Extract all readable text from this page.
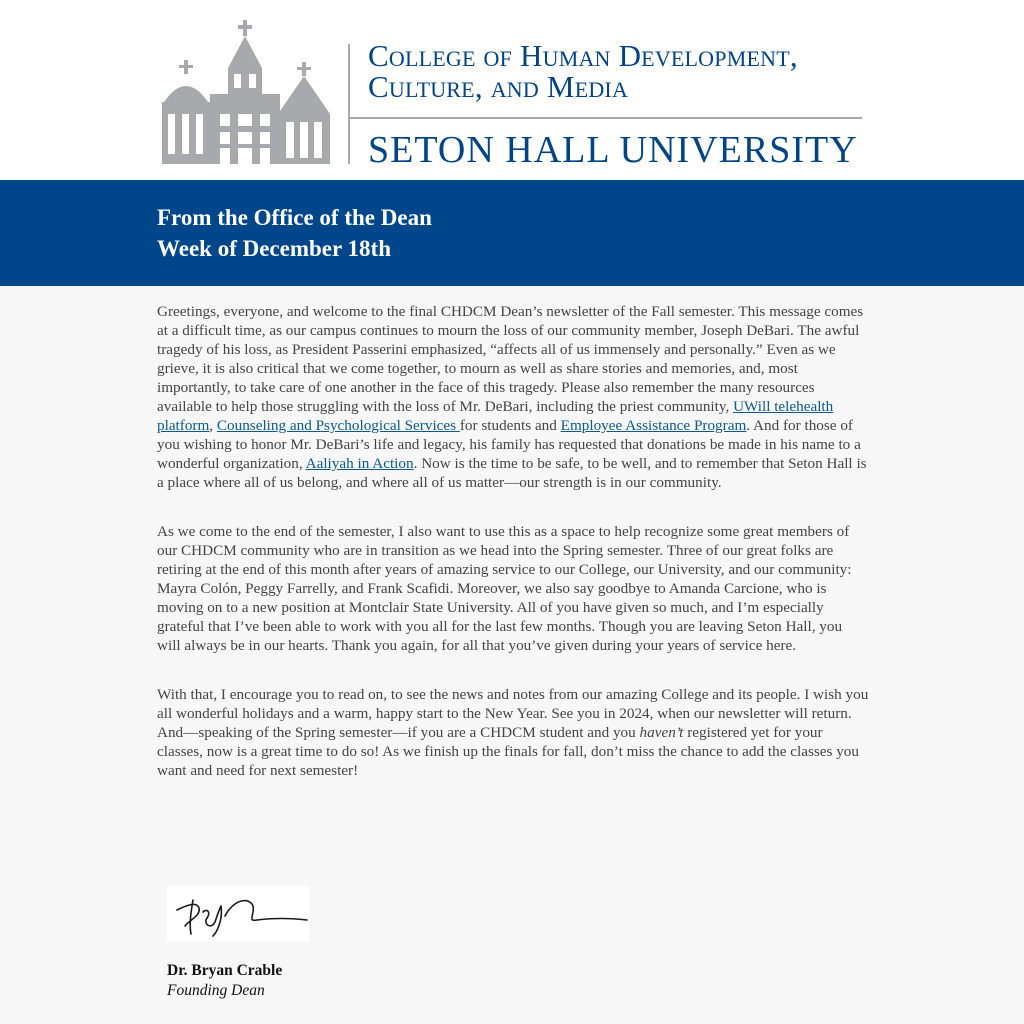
College of Human Development,
Culture, and Media
SETON HALL UNIVERSITY
From the Office of the Dean
Week of December 18th

Greetings, everyone, and welcome to the final CHDCM Dean’s newsletter of the Fall semester. This message comes at a difficult time, as our campus continues to mourn the loss of our community member, Joseph DeBari. The awful tragedy of his loss, as President Passerini emphasized, “affects all of us immensely and personally.” Even as we grieve, it is also critical that we come together, to mourn as well as share stories and memories, and, most importantly, to take care of one another in the face of this tragedy. Please also remember the many resources available to help those struggling with the loss of Mr. DeBari, including the priest community, UWill telehealth platform, Counseling and Psychological Services for students and Employee Assistance Program. And for those of you wishing to honor Mr. DeBari’s life and legacy, his family has requested that donations be made in his name to a wonderful organization, Aaliyah in Action. Now is the time to be safe, to be well, and to remember that Seton Hall is a place where all of us belong, and where all of us matter—our strength is in our community.

As we come to the end of the semester, I also want to use this as a space to help recognize some great members of our CHDCM community who are in transition as we head into the Spring semester. Three of our great folks are retiring at the end of this month after years of amazing service to our College, our University, and our community: Mayra Colón, Peggy Farrelly, and Frank Scafidi. Moreover, we also say goodbye to Amanda Carcione, who is moving on to a new position at Montclair State University. All of you have given so much, and I’m especially grateful that I’ve been able to work with you all for the last few months. Though you are leaving Seton Hall, you will always be in our hearts. Thank you again, for all that you’ve given during your years of service here.

With that, I encourage you to read on, to see the news and notes from our amazing College and its people. I wish you all wonderful holidays and a warm, happy start to the New Year. See you in 2024, when our newsletter will return. And—speaking of the Spring semester—if you are a CHDCM student and you haven’t registered yet for your classes, now is a great time to do so! As we finish up the finals for fall, don’t miss the chance to add the classes you want and need for next semester!

Dr. Bryan Crable
Founding Dean
